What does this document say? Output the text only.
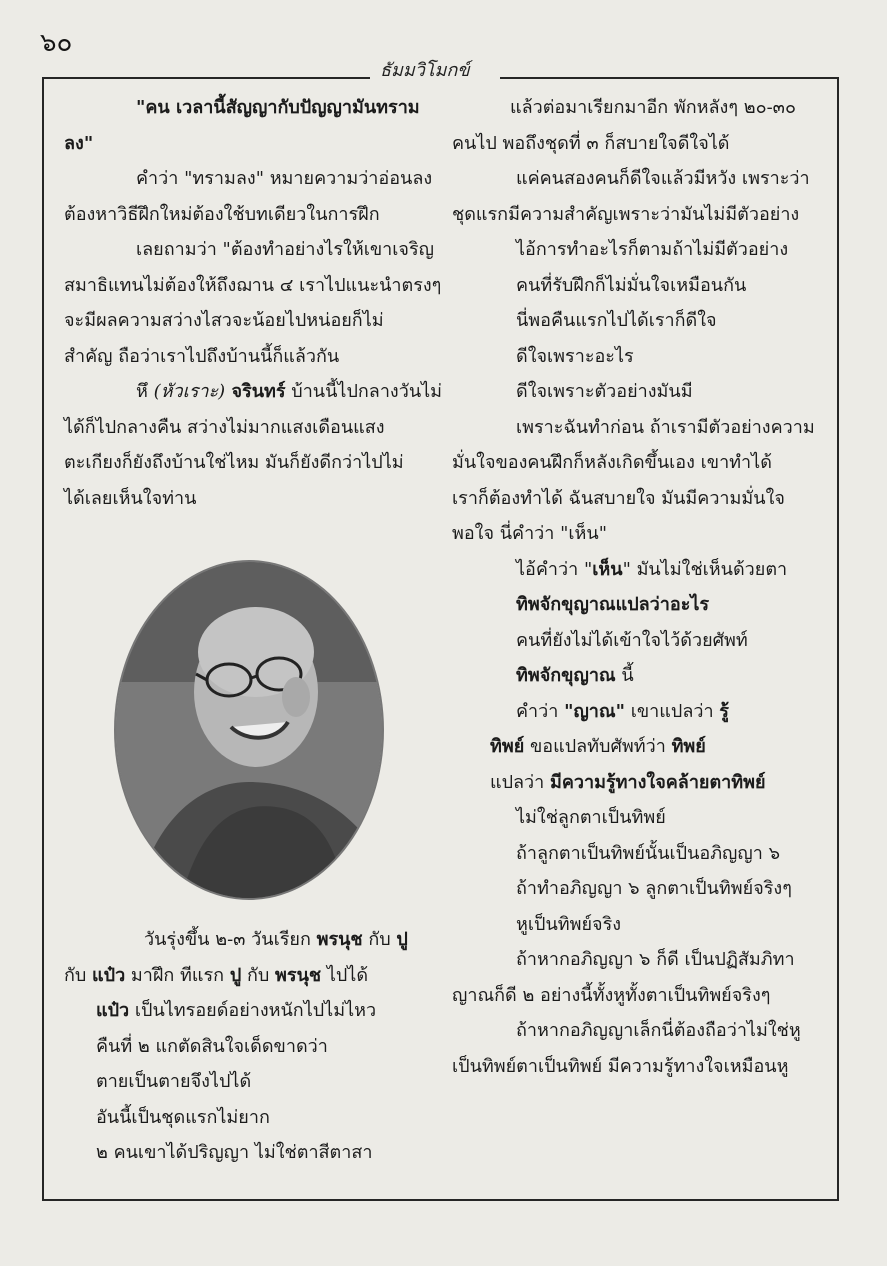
๖๐
ธัมมวิโมกข์

"คน เวลานี้สัญญากับปัญญามันทราม

ลง"

คำว่า "ทรามลง" หมายความว่าอ่อนลง

ต้องหาวิธีฝึกใหม่ต้องใช้บทเดียวในการฝึก

เลยถามว่า "ต้องทำอย่างไรให้เขาเจริญ

สมาธิแทนไม่ต้องให้ถึงฌาน ๔ เราไปแนะนำตรงๆ

จะมีผลความสว่างไสวจะน้อยไปหน่อยก็ไม่

สำคัญ ถือว่าเราไปถึงบ้านนี้ก็แล้วกัน

หึ (หัวเราะ) จรินทร์ บ้านนี้ไปกลางวันไม่

ได้ก็ไปกลางคืน สว่างไม่มากแสงเดือนแสง

ตะเกียงก็ยังถึงบ้านใช่ไหม มันก็ยังดีกว่าไปไม่

ได้เลยเห็นใจท่าน

วันรุ่งขึ้น ๒-๓ วันเรียก พรนุช กับ ปู

กับ แป๋ว มาฝึก ทีแรก ปู กับ พรนุช ไปได้

แป๋ว เป็นไทรอยด์อย่างหนักไปไม่ไหว

คืนที่ ๒ แกตัดสินใจเด็ดขาดว่า

ตายเป็นตายจึงไปได้

อันนี้เป็นชุดแรกไม่ยาก

๒ คนเขาได้ปริญญา ไม่ใช่ตาสีตาสา

แล้วต่อมาเรียกมาอีก พักหลังๆ ๒๐-๓๐

คนไป พอถึงชุดที่ ๓ ก็สบายใจดีใจได้

แค่คนสองคนก็ดีใจแล้วมีหวัง เพราะว่า

ชุดแรกมีความสำคัญเพราะว่ามันไม่มีตัวอย่าง

ไอ้การทำอะไรก็ตามถ้าไม่มีตัวอย่าง

คนที่รับฝึกก็ไม่มั่นใจเหมือนกัน

นี่พอคืนแรกไปได้เราก็ดีใจ

ดีใจเพราะอะไร

ดีใจเพราะตัวอย่างมันมี

เพราะฉันทำก่อน ถ้าเรามีตัวอย่างความ

มั่นใจของคนฝึกก็หลังเกิดขึ้นเอง เขาทำได้

เราก็ต้องทำได้ ฉันสบายใจ มันมีความมั่นใจ

พอใจ นี่คำว่า "เห็น"

ไอ้คำว่า "เห็น" มันไม่ใช่เห็นด้วยตา

ทิพจักขุญาณแปลว่าอะไร

คนที่ยังไม่ได้เข้าใจไว้ด้วยศัพท์

ทิพจักขุญาณ นี้

คำว่า "ญาณ" เขาแปลว่า รู้

ทิพย์ ขอแปลทับศัพท์ว่า ทิพย์

แปลว่า มีความรู้ทางใจคล้ายตาทิพย์

ไม่ใช่ลูกตาเป็นทิพย์

ถ้าลูกตาเป็นทิพย์นั้นเป็นอภิญญา ๖

ถ้าทำอภิญญา ๖ ลูกตาเป็นทิพย์จริงๆ

หูเป็นทิพย์จริง

ถ้าหากอภิญญา ๖ ก็ดี เป็นปฏิสัมภิทา

ญาณก็ดี ๒ อย่างนี้ทั้งหูทั้งตาเป็นทิพย์จริงๆ

ถ้าหากอภิญญาเล็กนี่ต้องถือว่าไม่ใช่หู

เป็นทิพย์ตาเป็นทิพย์ มีความรู้ทางใจเหมือนหู
